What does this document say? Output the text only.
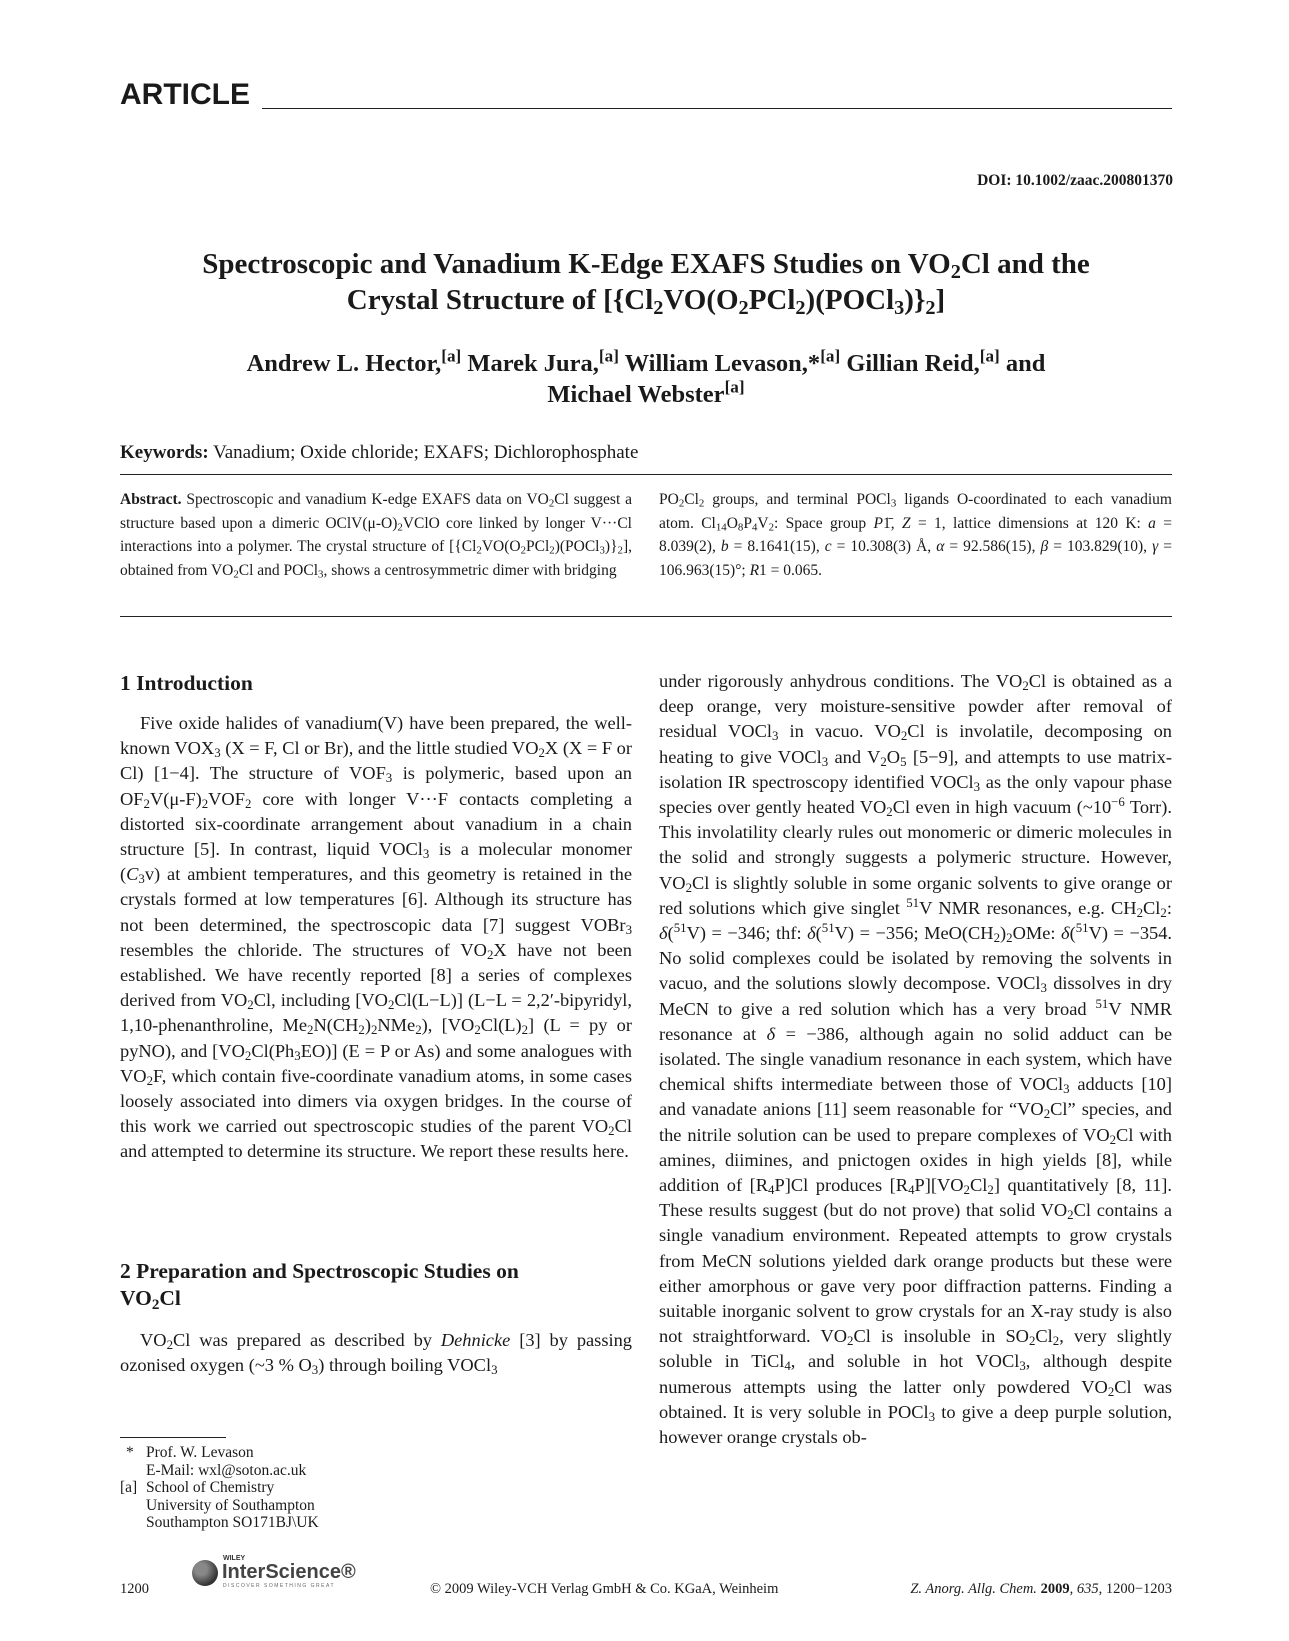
ARTICLE
DOI: 10.1002/zaac.200801370
Spectroscopic and Vanadium K-Edge EXAFS Studies on $VO_2Cl$ and the
Crystal Structure of $[\{Cl_2VO(O_2PCl_2)(POCl_3)\}_2]$
Andrew L. Hector,[a] Marek Jura,[a] William Levason,*[a] Gillian Reid,[a] and
Michael Webster[a]
Keywords: Vanadium; Oxide chloride; EXAFS; Dichlorophosphate
Abstract. Spectroscopic and vanadium K-edge EXAFS data on $VO_2Cl$ suggest a structure based upon a dimeric $OClV(\mu-O)_2VClO$ core linked by longer V···Cl interactions into a polymer. The crystal structure of $[\{Cl_2VO(O_2PCl_2)(POCl_3)\}_2]$, obtained from $VO_2Cl$ and POCl$_3$, shows a centrosymmetric dimer with bridging
$PO_2Cl_2$ groups, and terminal POCl$_3$ ligands O-coordinated to each vanadium atom. $Cl_{14}O_8P_4V_2$: Space group P1̄, Z = 1, lattice dimensions at 120 K: a = 8.039(2), b = 8.1641(15), c = 10.308(3) Å, α = 92.586(15), β = 103.829(10), γ = 106.963(15)°; R1 = 0.065.
1 Introduction

Five oxide halides of vanadium(V) have been prepared, the well-known $VOX_3$ (X = F, Cl or Br), and the little studied $VO_2X$ (X = F or Cl) [1−4]. The structure of $VOF_3$ is polymeric, based upon an $OF_2V(\mu-F)_2VOF_2$ core with longer V···F contacts completing a distorted six-coordinate arrangement about vanadium in a chain structure [5]. In contrast, liquid VOCl$_3$ is a molecular monomer $(C_3v)$ at ambient temperatures, and this geometry is retained in the crystals formed at low temperatures [6]. Although its structure has not been determined, the spectroscopic data [7] suggest VOBr$_3$ resembles the chloride. The structures of $VO_2X$ have not been established. We have recently reported [8] a series of complexes derived from $VO_2Cl$, including $[VO_2Cl(L-L)] (L-L$ = 2,2′-bipyridyl, 1,10-phenanthroline, $Me_2N(CH_2)_2NMe_2$), $[VO_2Cl(L)_2] (L$ = py or pyNO), and $[VO_2Cl(Ph_3EO)] (E = P$ or As) and some analogues with $VO_2F$, which contain five-coordinate vanadium atoms, in some cases loosely associated into dimers via oxygen bridges. In the course of this work we carried out spectroscopic studies of the parent $VO_2Cl$ and attempted to determine its structure. We report these results here.

2 Preparation and Spectroscopic Studies on
$VO_2Cl$

$VO_2Cl$ was prepared as described by Dehnicke [3] by passing ozonised oxygen (~3 % $O_3$) through boiling VOCl$_3$

* Prof. W. Levason
E-Mail: wxl@soton.ac.uk
[a] School of Chemistry
University of Southampton
Southampton SO171BJ\UK
under rigorously anhydrous conditions. The $VO_2Cl$ is obtained as a deep orange, very moisture-sensitive powder after removal of residual VOCl$_3$ in vacuo. $VO_2Cl$ is involatile, decomposing on heating to give VOCl$_3$ and $V_2O_5$ [5−9], and attempts to use matrix-isolation IR spectroscopy identified VOCl$_3$ as the only vapour phase species over gently heated $VO_2Cl$ even in high vacuum ($\sim 10^{-6}$ Torr). This involatility clearly rules out monomeric or dimeric molecules in the solid and strongly suggests a polymeric structure. However, $VO_2Cl$ is slightly soluble in some organic solvents to give orange or red solutions which give singlet $^{51}$V NMR resonances, e.g. $CH_2Cl_2$: δ($^{51}$V) = −346; thf: δ($^{51}$V) = −356; $MeO(CH_2)_2OMe$: δ($^{51}$V) = −354. No solid complexes could be isolated by removing the solvents in vacuo, and the solutions slowly decompose. VOCl$_3$ dissolves in dry MeCN to give a red solution which has a very broad $^{51}$V NMR resonance at δ = −386, although again no solid adduct can be isolated. The single vanadium resonance in each system, which have chemical shifts intermediate between those of VOCl$_3$ adducts [10] and vanadate anions [11] seem reasonable for “$VO_2Cl$” species, and the nitrile solution can be used to prepare complexes of $VO_2Cl$ with amines, diimines, and pnictogen oxides in high yields [8], while addition of $[R_4P]Cl$ produces $[R_4P][VO_2Cl_2]$ quantitatively [8, 11]. These results suggest (but do not prove) that solid $VO_2Cl$ contains a single vanadium environment. Repeated attempts to grow crystals from MeCN solutions yielded dark orange products but these were either amorphous or gave very poor diffraction patterns. Finding a suitable inorganic solvent to grow crystals for an X-ray study is also not straightforward. $VO_2Cl$ is insoluble in $SO_2Cl_2$, very slightly soluble in TiCl$_4$, and soluble in hot VOCl$_3$, although despite numerous attempts using the latter only powdered $VO_2Cl$ was obtained. It is very soluble in POCl$_3$ to give a deep purple solution, however orange crystals ob-
1200
WILEY
InterScience®
DISCOVER SOMETHING GREAT	© 2009 Wiley-VCH Verlag GmbH & Co. KGaA, Weinheim	Z. Anorg. Allg. Chem. 2009, 635, 1200−1203
